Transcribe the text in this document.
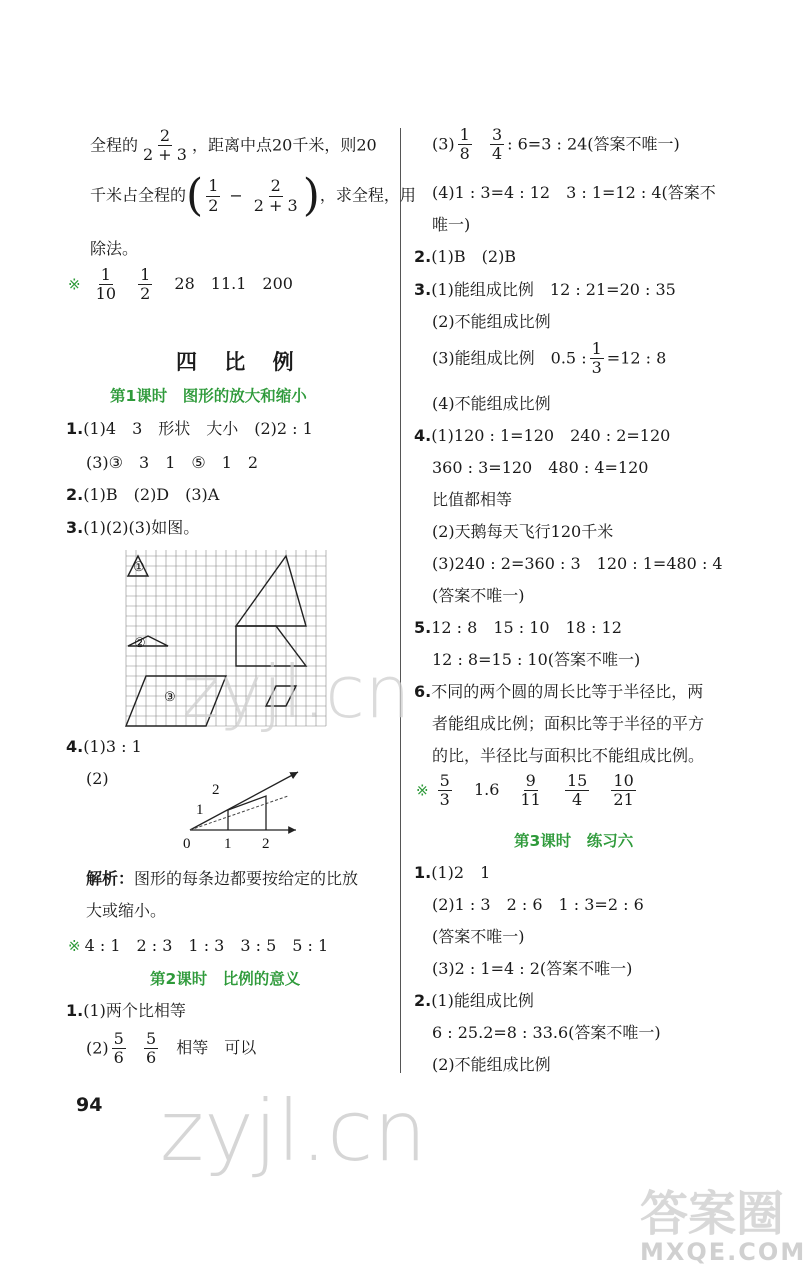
全程的 $\frac{2}{2 + 3}$ ，距离中点20千米，则20
千米占全程的( $\frac{1}{2} - \frac{2}{2 + 3}$ )，求全程，用
除法。
※ $\frac{1}{10}$
$\frac{1}{2} 28$　11.1　200
四 比 例
第1课时　图形的放大和缩小
1.(1)4　3　形状　大小　(2)2 : 1
(3)③　3　1　⑤　1　2
2.(1)B　(2)D　(3)A
3.(1)(2)(3)如图。
①
②
③
4.(1)3 : 1
(2)
0 1 2
1
2
解析：图形的每条边都要按给定的比放
大或缩小。
※ 4 : 1　2 : 3　1 : 3　3 : 5　5 : 1
第2课时　比例的意义
1.(1)两个比相等
$(2) \frac{5}{6}$
$\frac{5}{6}$ 相等　可以
$(3) \frac{1}{8}$
$\frac{3}{4}$ : 6=3 : 24(答案不唯一)
(4)1 : 3=4 : 12　3 : 1=12 : 4(答案不
唯一)
2.(1)B　(2)B
3.(1)能组成比例　12 : 21=20 : 35
(2)不能组成比例
(3)能组成比例　0.5 : $\frac{1}{3} =12$ : 8
(4)不能组成比例
4.(1)120 : 1=120　240 : 2=120
360 : 3=120　480 : 4=120
比值都相等
(2)天鹅每天飞行120千米
(3)240 : 2=360 : 3　120 : 1=480 : 4
(答案不唯一)
5.12 : 8　15 : 10　18 : 12
12 : 8=15 : 10(答案不唯一)
6.不同的两个圆的周长比等于半径比，两
者能组成比例；面积比等于半径的平方
的比，半径比与面积比不能组成比例。
※ $\frac{5}{3} 1.6 \frac{9}{11}$
$\frac{15}{4}$
$\frac{10}{21}$
第3课时　练习六
1.(1)2　1
(2)1 : 3　2 : 6　1 : 3=2 : 6
(答案不唯一)
(3)2 : 1=4 : 2(答案不唯一)
2.(1)能组成比例
6 : 25.2=8 : 33.6(答案不唯一)
(2)不能组成比例
94
zyjl.cn
zyjl.cn
答案圈
MXQE.COM
